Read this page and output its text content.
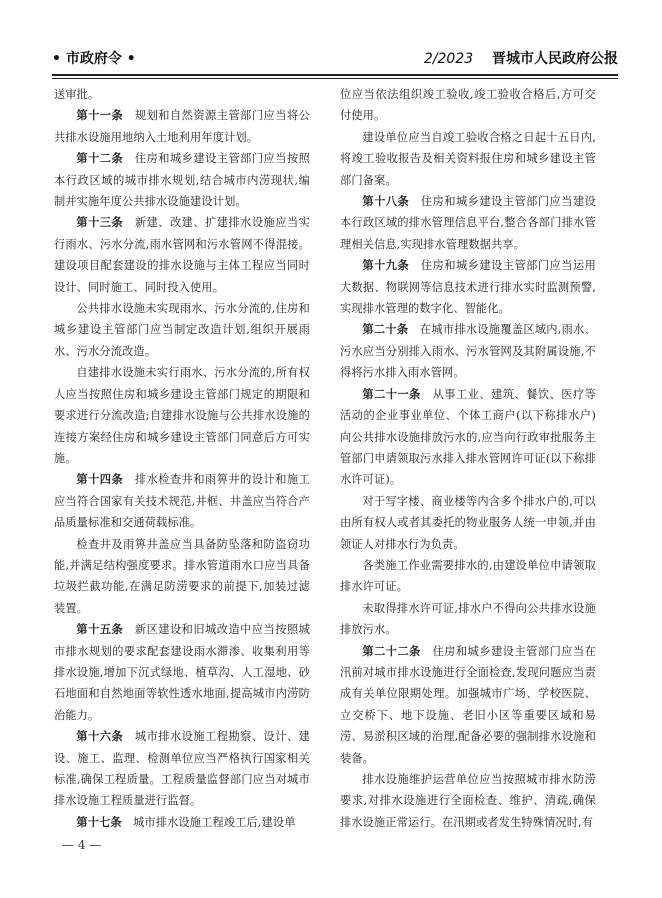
• 市政府令 •	2/2023 晋城市人民政府公报

送审批。

第十一条　 规划和自然资源主管部门应当将公共排水设施用地纳入土地利用年度计划。

第十二条　 住房和城乡建设主管部门应当按照本行政区域的城市排水规划,结合城市内涝现状,编制并实施年度公共排水设施建设计划。

第十三条　 新建、改建、扩建排水设施应当实行雨水、污水分流,雨水管网和污水管网不得混接。建设项目配套建设的排水设施与主体工程应当同时设计、同时施工、同时投入使用。

公共排水设施未实现雨水、污水分流的,住房和城乡建设主管部门应当制定改造计划,组织开展雨水、污水分流改造。

自建排水设施未实行雨水、污水分流的,所有权人应当按照住房和城乡建设主管部门规定的期限和要求进行分流改造;自建排水设施与公共排水设施的连接方案经住房和城乡建设主管部门同意后方可实施。

第十四条　 排水检查井和雨箅井的设计和施工应当符合国家有关技术规范,井框、井盖应当符合产品质量标准和交通荷载标准。

检查井及雨箅井盖应当具备防坠落和防盗窃功能,并满足结构强度要求。排水管道雨水口应当具备垃圾拦截功能,在满足防涝要求的前提下,加装过滤装置。

第十五条　 新区建设和旧城改造中应当按照城市排水规划的要求配套建设雨水滞渗、收集利用等排水设施,增加下沉式绿地、植草沟、人工湿地、砂石地面和自然地面等软性透水地面,提高城市内涝防治能力。

第十六条　 城市排水设施工程勘察、设计、建设、施工、监理、检测单位应当严格执行国家相关标准,确保工程质量。工程质量监督部门应当对城市排水设施工程质量进行监督。

第十七条　 城市排水设施工程竣工后,建设单

位应当依法组织竣工验收,竣工验收合格后,方可交付使用。

建设单位应当自竣工验收合格之日起十五日内,将竣工验收报告及相关资料报住房和城乡建设主管部门备案。

第十八条　 住房和城乡建设主管部门应当建设本行政区域的排水管理信息平台,整合各部门排水管理相关信息,实现排水管理数据共享。

第十九条　 住房和城乡建设主管部门应当运用大数据、物联网等信息技术进行排水实时监测预警,实现排水管理的数字化、智能化。

第二十条　 在城市排水设施覆盖区域内,雨水、污水应当分别排入雨水、污水管网及其附属设施,不得将污水排入雨水管网。

第二十一条　 从事工业、建筑、餐饮、医疗等活动的企业事业单位、个体工商户(以下称排水户)向公共排水设施排放污水的,应当向行政审批服务主管部门申请领取污水排入排水管网许可证(以下称排水许可证)。

对于写字楼、商业楼等内含多个排水户的,可以由所有权人或者其委托的物业服务人统一申领,并由领证人对排水行为负责。

各类施工作业需要排水的,由建设单位申请领取排水许可证。

未取得排水许可证,排水户不得向公共排水设施排放污水。

第二十二条　 住房和城乡建设主管部门应当在汛前对城市排水设施进行全面检查,发现问题应当责成有关单位限期处理。加强城市广场、学校医院、立交桥下、地下设施、老旧小区等重要区域和易涝、易淤积区域的治理,配备必要的强制排水设施和装备。

排水设施维护运营单位应当按照城市排水防涝要求,对排水设施进行全面检查、维护、清疏,确保排水设施正常运行。在汛期或者发生特殊情况时,有

— 4 —
